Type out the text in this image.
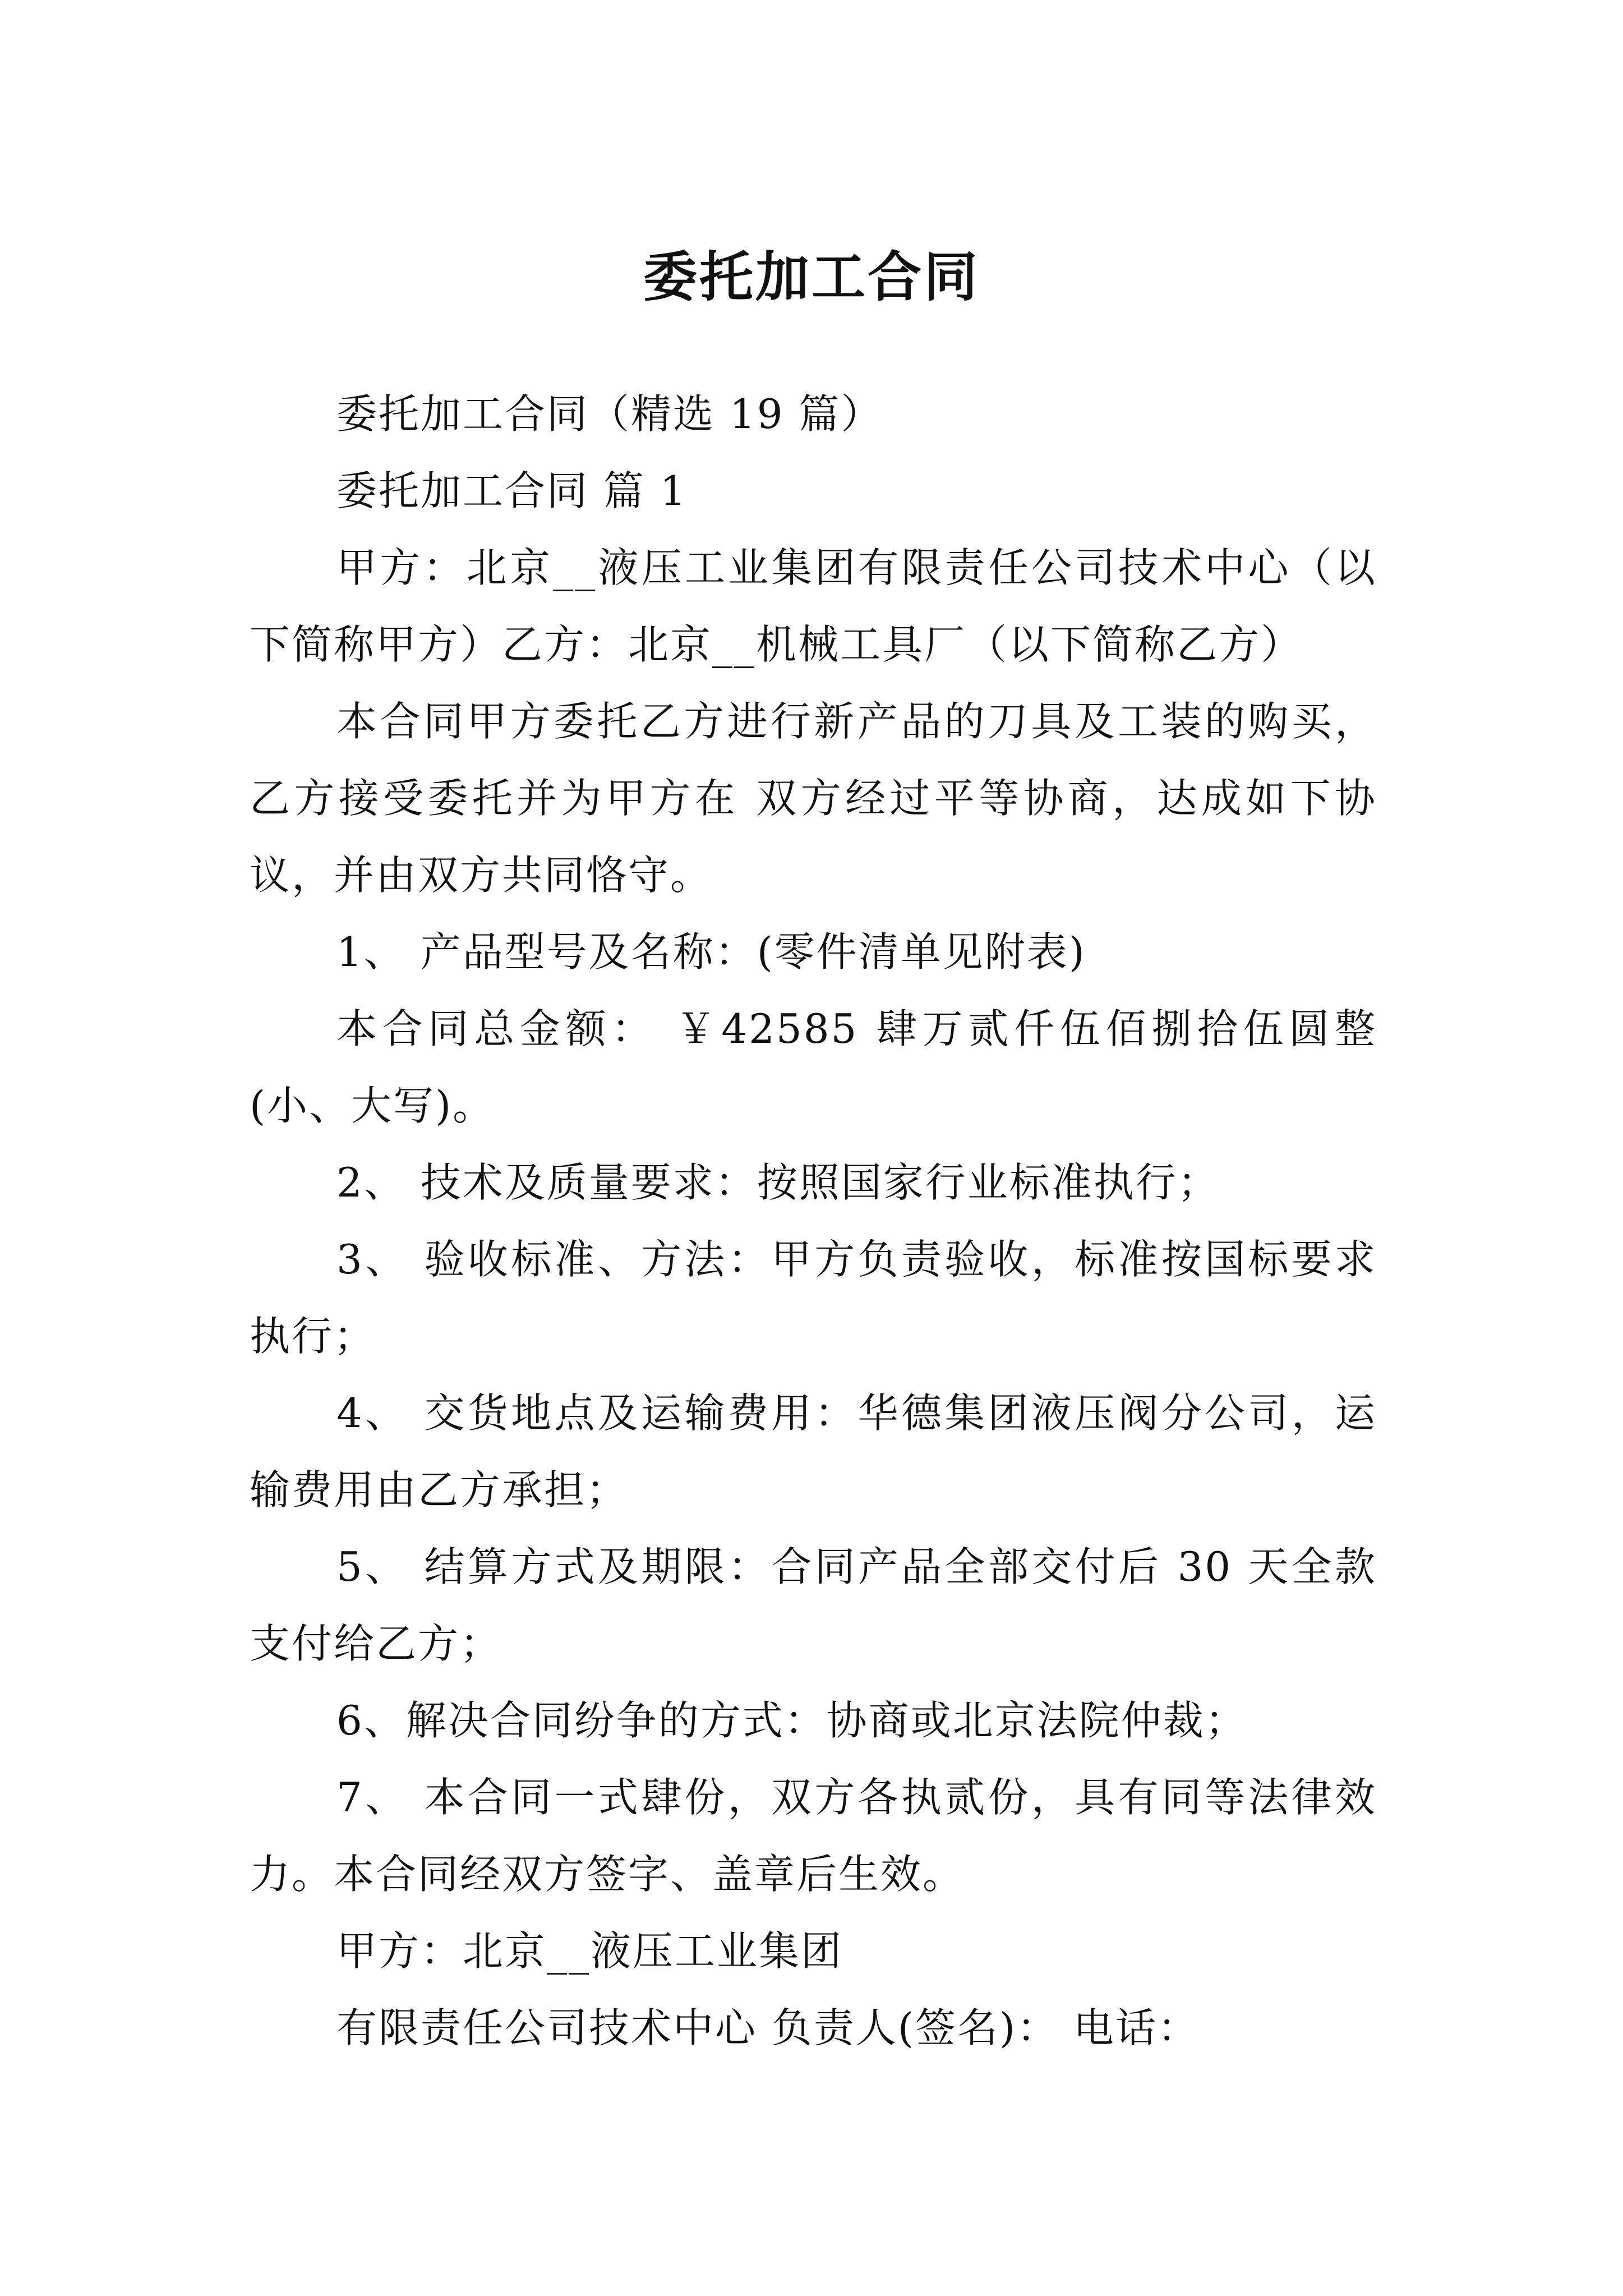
委托加工合同

委托加工合同（精选 19 篇）

委托加工合同 篇 1

甲方：北京__液压工业集团有限责任公司技术中心（以下简称甲方）乙方：北京__机械工具厂（以下简称乙方）

本合同甲方委托乙方进行新产品的刀具及工装的购买，乙方接受委托并为甲方在 双方经过平等协商，达成如下协议，并由双方共同恪守。

1、 产品型号及名称：(零件清单见附表)

本合同总金额： ￥42585 肆万贰仟伍佰捌拾伍圆整(小、大写)。

2、 技术及质量要求：按照国家行业标准执行；

3、 验收标准、方法：甲方负责验收，标准按国标要求执行；

4、 交货地点及运输费用：华德集团液压阀分公司，运输费用由乙方承担；

5、 结算方式及期限：合同产品全部交付后 30 天全款支付给乙方；

6、解决合同纷争的方式：协商或北京法院仲裁；

7、 本合同一式肆份，双方各执贰份，具有同等法律效力。本合同经双方签字、盖章后生效。

甲方：北京__液压工业集团

有限责任公司技术中心 负责人(签名)： 电话：
